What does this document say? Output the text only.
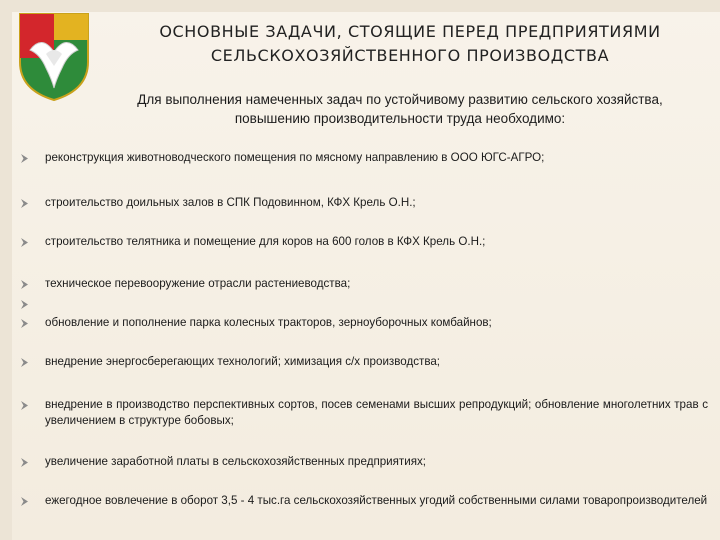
ОСНОВНЫЕ ЗАДАЧИ, СТОЯЩИЕ ПЕРЕД ПРЕДПРИЯТИЯМИ
СЕЛЬСКОХОЗЯЙСТВЕННОГО ПРОИЗВОДСТВА
Для выполнения намеченных задач по устойчивому развитию сельского хозяйства,
повышению производительности труда необходимо:
реконструкция животноводческого помещения по мясному направлению в ООО ЮГС-АГРО;
строительство доильных залов в СПК Подовинном, КФХ Крель О.Н.;
строительство телятника и помещение для коров на 600 голов в КФХ Крель О.Н.;
техническое перевооружение отрасли растениеводства;
обновление и пополнение парка колесных тракторов, зерноуборочных комбайнов;
внедрение энергосберегающих технологий; химизация с/х производства;
внедрение в производство перспективных сортов, посев семенами высших репродукций; обновление многолетних трав с увеличением в структуре бобовых;
увеличение заработной платы в сельскохозяйственных предприятиях;
ежегодное вовлечение в оборот 3,5 - 4 тыс.га сельскохозяйственных угодий собственными силами товаропроизводителей
